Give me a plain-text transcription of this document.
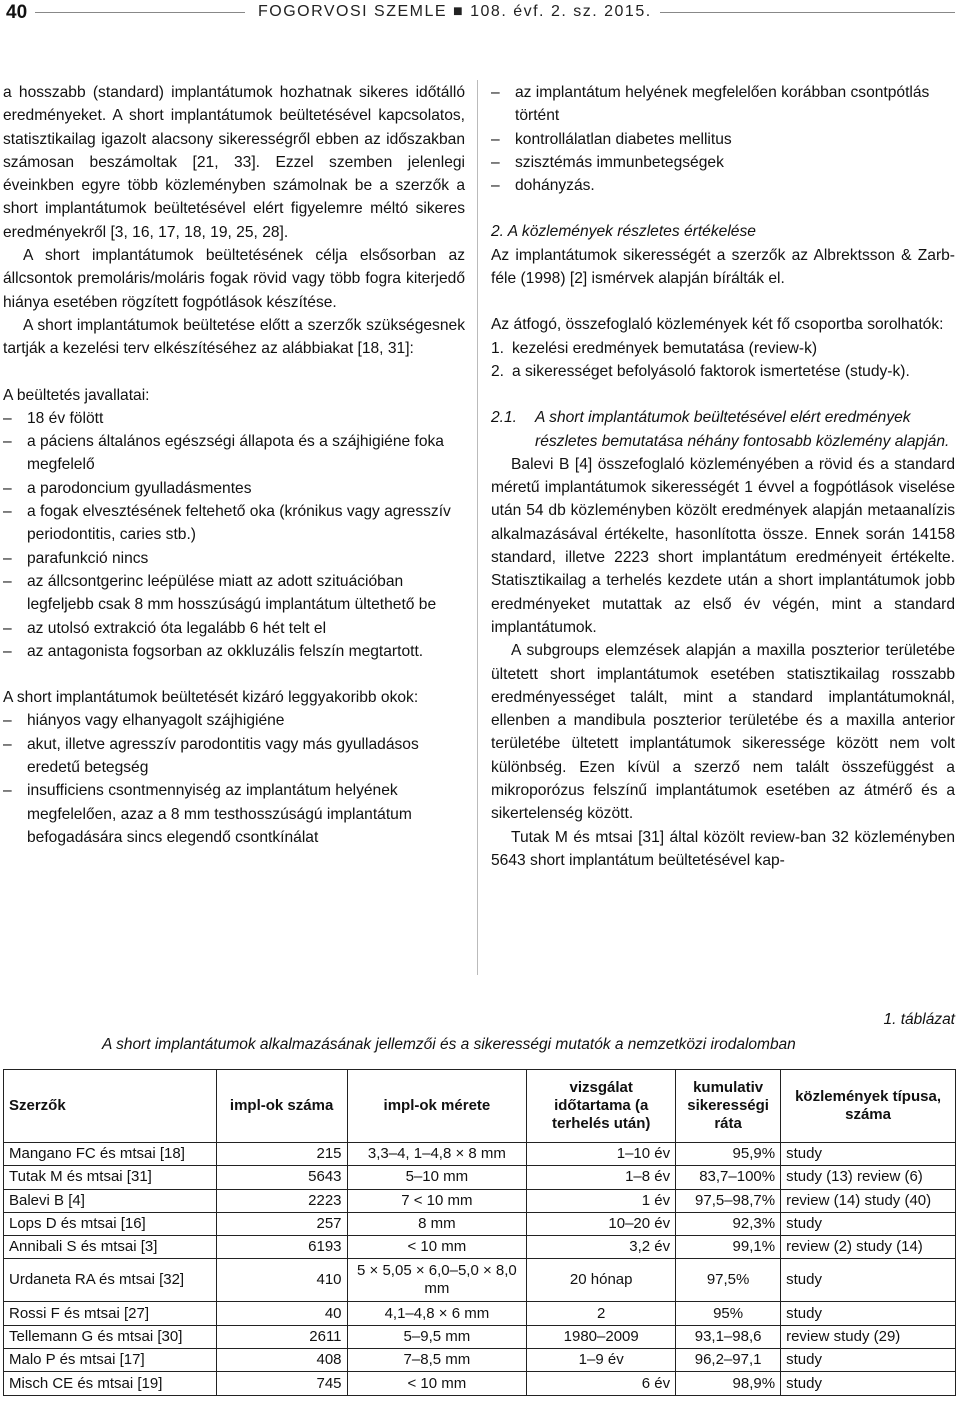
40	FOGORVOSI SZEMLE ■ 108. évf. 2. sz. 2015.

a hosszabb (standard) implantátumok hozhatnak sikeres időtálló eredményeket. A short implantátumok beültetésével kapcsolatos, statisztikailag igazolt alacsony sikerességről ebben az időszakban számosan beszámoltak [21, 33]. Ezzel szemben jelenlegi éveinkben egyre több közleményben számolnak be a szerzők a short implantátumok beültetésével elért figyelemre méltó sikeres eredményekről [3, 16, 17, 18, 19, 25, 28].

A short implantátumok beültetésének célja elsősorban az állcsontok premoláris/moláris fogak rövid vagy több fogra kiterjedő hiánya esetében rögzített fogpótlások készítése.

A short implantátumok beültetése előtt a szerzők szükségesnek tartják a kezelési terv elkészítéséhez az alábbiakat [18, 31]:

A beültetés javallatai:

– 18 év fölött
– a páciens általános egészségi állapota és a szájhigiéne foka megfelelő
– a parodoncium gyulladásmentes
– a fogak elvesztésének feltehető oka (krónikus vagy agresszív periodontitis, caries stb.)
– parafunkció nincs
– az állcsontgerinc leépülése miatt az adott szituációban legfeljebb csak 8 mm hosszúságú implantátum ültethető be
– az utolsó extrakció óta legalább 6 hét telt el
– az antagonista fogsorban az okkluzális felszín megtartott.

A short implantátumok beültetését kizáró leggyakoribb okok:

– hiányos vagy elhanyagolt szájhigiéne
– akut, illetve agresszív parodontitis vagy más gyulladásos eredetű betegség
– insufficiens csontmennyiség az implantátum helyének megfelelően, azaz a 8 mm testhosszúságú implantátum befogadására sincs elegendő csontkínálat
– az implantátum helyének megfelelően korábban csontpótlás történt
– kontrollálatlan diabetes mellitus
– szisztémás immunbetegségek
– dohányzás.

2. A közlemények részletes értékelése

Az implantátumok sikerességét a szerzők az Albrektsson & Zarb-féle (1998) [2] ismérvek alapján bírálták el.

Az átfogó, összefoglaló közlemények két fő csoportba sorolhatók:

1. kezelési eredmények bemutatása (review-k)
2. a sikerességet befolyásoló faktorok ismertetése (study-k).
2.1. A short implantátumok beültetésével elért eredmények részletes bemutatása néhány fontosabb közlemény alapján.

Balevi B [4] összefoglaló közleményében a rövid és a standard méretű implantátumok sikerességét 1 évvel a fogpótlások viselése után 54 db közleményben közölt eredmények alapján metaanalízis alkalmazásával értékelte, hasonlította össze. Ennek során 14158 standard, illetve 2223 short implantátum eredményeit értékelte. Statisztikailag a terhelés kezdete után a short implantátumok jobb eredményeket mutattak az első év végén, mint a standard implantátumok.

A subgroups elemzések alapján a maxilla poszterior területébe ültetett short implantátumok esetében statisztikailag rosszabb eredményességet talált, mint a standard implantátumoknál, ellenben a mandibula poszterior területébe és a maxilla anterior területébe ültetett implantátumok sikeressége között nem volt különbség. Ezen kívül a szerző nem talált összefüggést a mikroporózus felszínű implantátumok esetében az átmérő és a sikertelenség között.

Tutak M és mtsai [31] által közölt review-ban 32 közleményben 5643 short implantátum beültetésével kap-

1. táblázat
A short implantátumok alkalmazásának jellemzői és a sikerességi mutatók a nemzetközi irodalomban
Szerzők	impl-ok száma	impl-ok mérete	vizsgálat időtartama (a terhelés után)	kumulativ sikerességi ráta	közlemények típusa, száma
Mangano FC és mtsai [18]	215	3,3–4, 1–4,8 × 8 mm	1–10 év	95,9%	study
Tutak M és mtsai [31]	5643	5–10 mm	1–8 év	83,7–100%	study (13) review (6)
Balevi B [4]	2223	7 < 10 mm	1 év	97,5–98,7%	review (14) study (40)
Lops D és mtsai [16]	257	8 mm	10–20 év	92,3%	study
Annibali S és mtsai [3]	6193	< 10 mm	3,2 év	99,1%	review (2) study (14)
Urdaneta RA és mtsai [32]	410	5 × 5,05 × 6,0–5,0 × 8,0 mm	20 hónap	97,5%	study
Rossi F és mtsai [27]	40	4,1–4,8 × 6 mm	2	95%	study
Tellemann G és mtsai [30]	2611	5–9,5 mm	1980–2009	93,1–98,6	review study (29)
Malo P és mtsai [17]	408	7–8,5 mm	1–9 év	96,2–97,1	study
Misch CE és mtsai [19]	745	< 10 mm	6 év	98,9%	study
